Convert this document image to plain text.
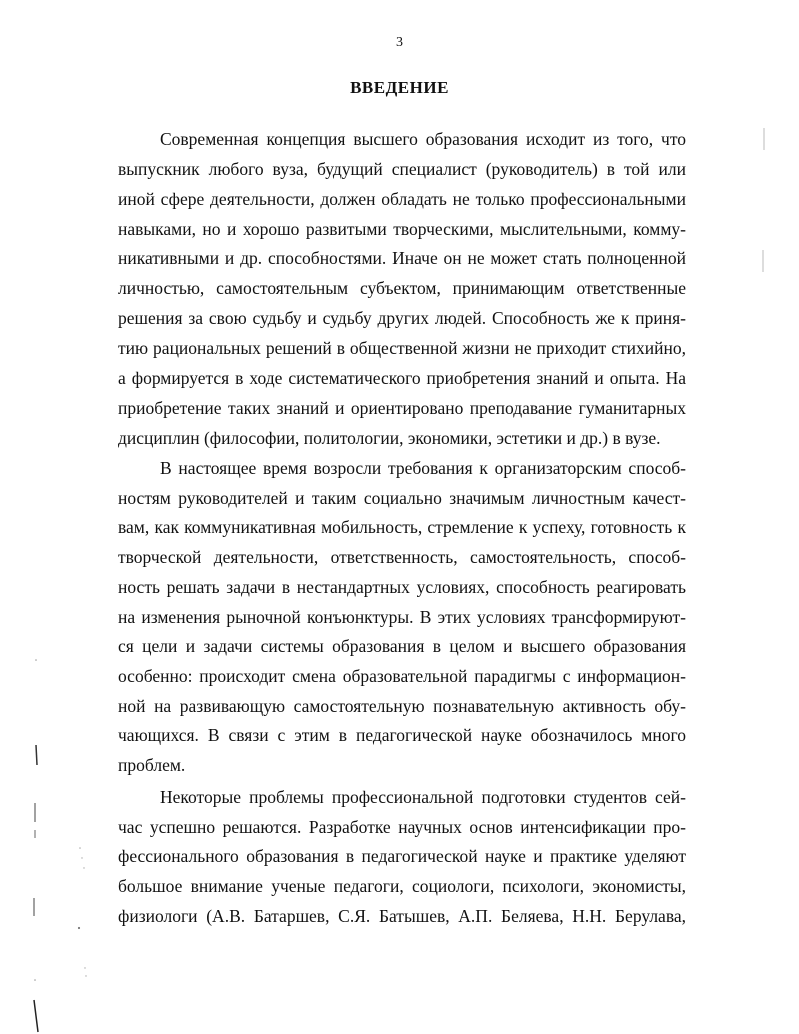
3
ВВЕДЕНИЕ
Современная концепция высшего образования исходит из того, что
выпускник любого вуза, будущий специалист (руководитель) в той или
иной сфере деятельности, должен обладать не только профессиональными
навыками, но и хорошо развитыми творческими, мыслительными, комму-
никативными и др. способностями. Иначе он не может стать полноценной
личностью, самостоятельным субъектом, принимающим ответственные
решения за свою судьбу и судьбу других людей. Способность же к приня-
тию рациональных решений в общественной жизни не приходит стихийно,
а формируется в ходе систематического приобретения знаний и опыта. На
приобретение таких знаний и ориентировано преподавание гуманитарных
дисциплин (философии, политологии, экономики, эстетики и др.) в вузе.
В настоящее время возросли требования к организаторским способ-
ностям руководителей и таким социально значимым личностным качест-
вам, как коммуникативная мобильность, стремление к успеху, готовность к
творческой деятельности, ответственность, самостоятельность, способ-
ность решать задачи в нестандартных условиях, способность реагировать
на изменения рыночной конъюнктуры. В этих условиях трансформируют-
ся цели и задачи системы образования в целом и высшего образования
особенно: происходит смена образовательной парадигмы с информацион-
ной на развивающую самостоятельную познавательную активность обу-
чающихся. В связи с этим в педагогической науке обозначилось много
проблем.
Некоторые проблемы профессиональной подготовки студентов сей-
час успешно решаются. Разработке научных основ интенсификации про-
фессионального образования в педагогической науке и практике уделяют
большое внимание ученые педагоги, социологи, психологи, экономисты,
физиологи (А.В. Батаршев, С.Я. Батышев, А.П. Беляева, Н.Н. Берулава,
